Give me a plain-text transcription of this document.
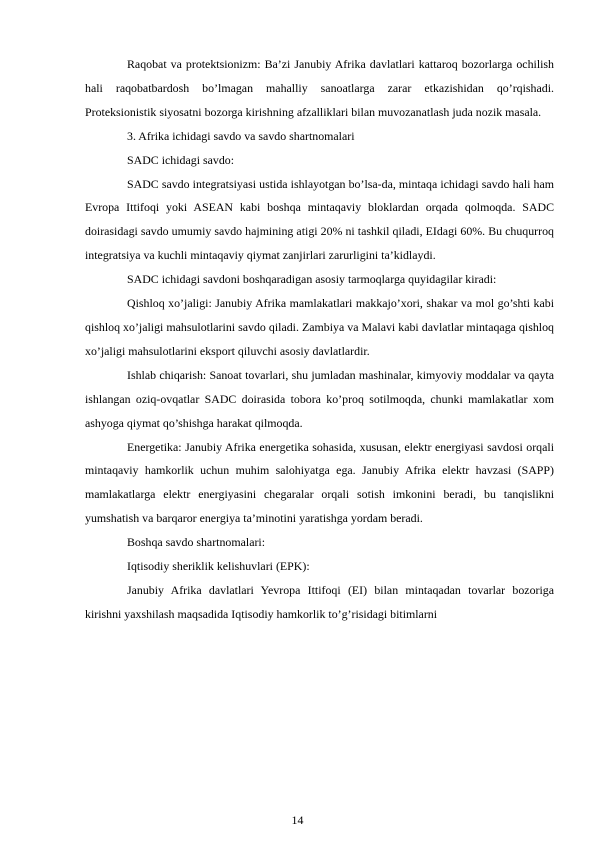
Raqobat va protektsionizm: Ba’zi Janubiy Afrika davlatlari kattaroq bozorlarga ochilish hali raqobatbardosh bo’lmagan mahalliy sanoatlarga zarar etkazishidan qo’rqishadi. Proteksionistik siyosatni bozorga kirishning afzalliklari bilan muvozanatlash juda nozik masala.

3. Afrika ichidagi savdo va savdo shartnomalari

SADC ichidagi savdo:

SADC savdo integratsiyasi ustida ishlayotgan bo’lsa-da, mintaqa ichidagi savdo hali ham Evropa Ittifoqi yoki ASEAN kabi boshqa mintaqaviy bloklardan orqada qolmoqda. SADC doirasidagi savdo umumiy savdo hajmining atigi 20% ni tashkil qiladi, EIdagi 60%. Bu chuqurroq integratsiya va kuchli mintaqaviy qiymat zanjirlari zarurligini ta’kidlaydi.

SADC ichidagi savdoni boshqaradigan asosiy tarmoqlarga quyidagilar kiradi:

Qishloq xo’jaligi: Janubiy Afrika mamlakatlari makkajo’xori, shakar va mol go’shti kabi qishloq xo’jaligi mahsulotlarini savdo qiladi. Zambiya va Malavi kabi davlatlar mintaqaga qishloq xo’jaligi mahsulotlarini eksport qiluvchi asosiy davlatlardir.

Ishlab chiqarish: Sanoat tovarlari, shu jumladan mashinalar, kimyoviy moddalar va qayta ishlangan oziq-ovqatlar SADC doirasida tobora ko’proq sotilmoqda, chunki mamlakatlar xom ashyoga qiymat qo’shishga harakat qilmoqda.

Energetika: Janubiy Afrika energetika sohasida, xususan, elektr energiyasi savdosi orqali mintaqaviy hamkorlik uchun muhim salohiyatga ega. Janubiy Afrika elektr havzasi (SAPP) mamlakatlarga elektr energiyasini chegaralar orqali sotish imkonini beradi, bu tanqislikni yumshatish va barqaror energiya ta’minotini yaratishga yordam beradi.

Boshqa savdo shartnomalari:

Iqtisodiy sheriklik kelishuvlari (EPK):

Janubiy Afrika davlatlari Yevropa Ittifoqi (EI) bilan mintaqadan tovarlar bozoriga kirishni yaxshilash maqsadida Iqtisodiy hamkorlik to’g’risidagi bitimlarni

14
